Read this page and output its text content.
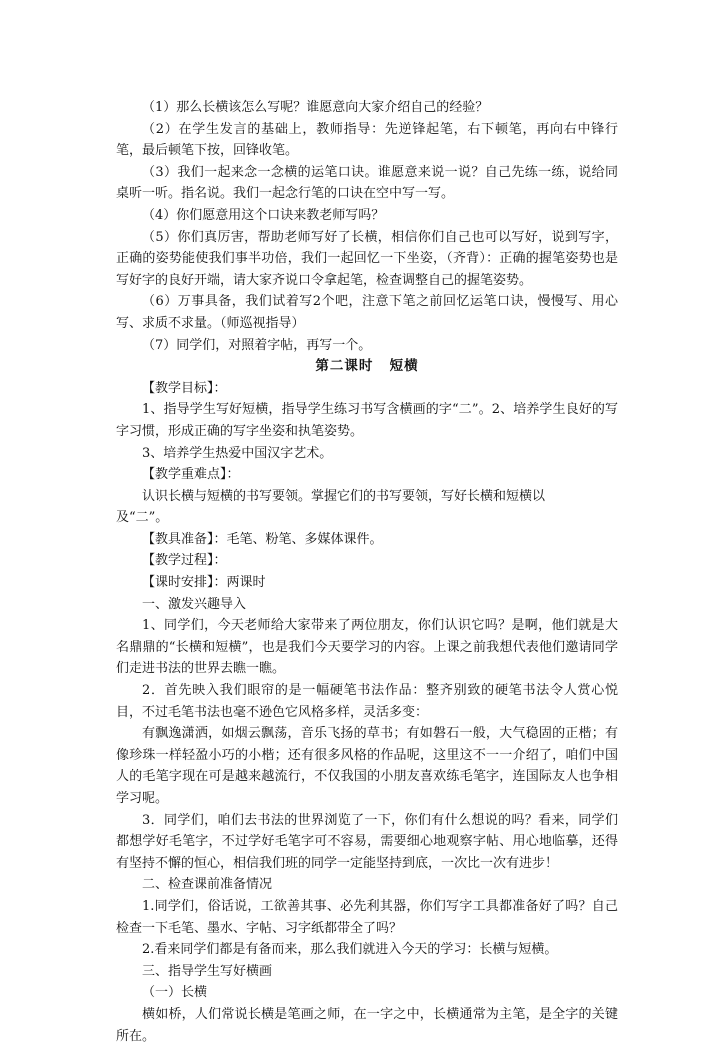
（1）那么长横该怎么写呢？谁愿意向大家介绍自己的经验？

（2）在学生发言的基础上，教师指导：先逆锋起笔，右下顿笔，再向右中锋行笔，最后顿笔下按，回锋收笔。

（3）我们一起来念一念横的运笔口诀。谁愿意来说一说？自己先练一练，说给同桌听一听。指名说。我们一起念行笔的口诀在空中写一写。

（4）你们愿意用这个口诀来教老师写吗？

（5）你们真厉害，帮助老师写好了长横，相信你们自己也可以写好，说到写字，正确的姿势能使我们事半功倍，我们一起回忆一下坐姿，（齐背）：正确的握笔姿势也是写好字的良好开端，请大家齐说口令拿起笔，检查调整自己的握笔姿势。

（6）万事具备，我们试着写2个吧，注意下笔之前回忆运笔口诀，慢慢写、用心写、求质不求量。（师巡视指导）

（7）同学们，对照着字帖，再写一个。

第二课时 短横

【教学目标】：

1、指导学生写好短横，指导学生练习书写含横画的字“二”。2、培养学生良好的写字习惯，形成正确的写字坐姿和执笔姿势。

3、培养学生热爱中国汉字艺术。

【教学重难点】：

认识长横与短横的书写要领。掌握它们的书写要领，写好长横和短横以

及“二”。

【教具准备】：毛笔、粉笔、多媒体课件。

【教学过程】：

【课时安排】：两课时

一、激发兴趣导入

1、同学们，今天老师给大家带来了两位朋友，你们认识它吗？是啊，他们就是大名鼎鼎的“长横和短横”，也是我们今天要学习的内容。上课之前我想代表他们邀请同学们走进书法的世界去瞧一瞧。

2．首先映入我们眼帘的是一幅硬笔书法作品：整齐别致的硬笔书法令人赏心悦目，不过毛笔书法也毫不逊色它风格多样，灵活多变：

有飘逸潇洒，如烟云飘荡，音乐飞扬的草书；有如磐石一般，大气稳固的正楷；有像珍珠一样轻盈小巧的小楷；还有很多风格的作品呢，这里这不一一介绍了，咱们中国人的毛笔字现在可是越来越流行，不仅我国的小朋友喜欢练毛笔字，连国际友人也争相学习呢。

3．同学们，咱们去书法的世界浏览了一下，你们有什么想说的吗？看来，同学们都想学好毛笔字，不过学好毛笔字可不容易，需要细心地观察字帖、用心地临摹，还得有坚持不懈的恒心，相信我们班的同学一定能坚持到底，一次比一次有进步！

二、检查课前准备情况

1.同学们，俗话说，工欲善其事、必先利其器，你们写字工具都准备好了吗？自己检查一下毛笔、墨水、字帖、习字纸都带全了吗？

2.看来同学们都是有备而来，那么我们就进入今天的学习：长横与短横。

三、指导学生写好横画

（一）长横

横如桥，人们常说长横是笔画之师，在一字之中，长横通常为主笔，是全字的关键所在。
